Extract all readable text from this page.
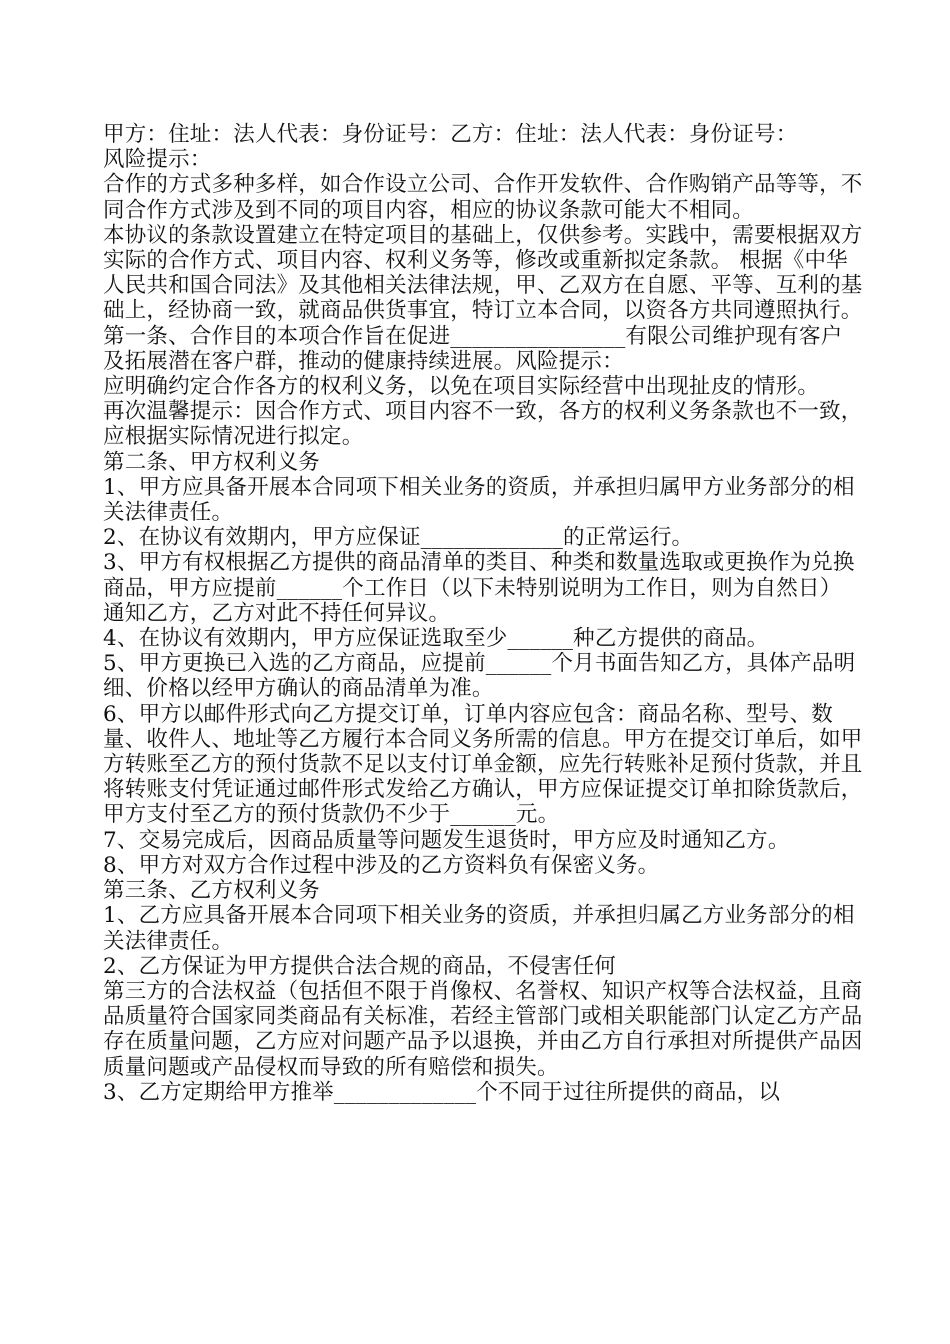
甲方：住址：法人代表：身份证号：乙方：住址：法人代表：身份证号：

风险提示：

合作的方式多种多样，如合作设立公司、合作开发软件、合作购销产品等等，不同合作方式涉及到不同的项目内容，相应的协议条款可能大不相同。

本协议的条款设置建立在特定项目的基础上，仅供参考。实践中，需要根据双方实际的合作方式、项目内容、权利义务等，修改或重新拟定条款。 根据《中华人民共和国合同法》及其他相关法律法规，甲、乙双方在自愿、平等、互利的基础上，经协商一致，就商品供货事宜，特订立本合同，以资各方共同遵照执行。

第一条、合作目的本项合作旨在促进________________有限公司维护现有客户及拓展潜在客户群，推动的健康持续进展。风险提示：

应明确约定合作各方的权利义务，以免在项目实际经营中出现扯皮的情形。

再次温馨提示：因合作方式、项目内容不一致，各方的权利义务条款也不一致，应根据实际情况进行拟定。

第二条、甲方权利义务

1、甲方应具备开展本合同项下相关业务的资质，并承担归属甲方业务部分的相关法律责任。

2、在协议有效期内，甲方应保证_____________的正常运行。

3、甲方有权根据乙方提供的商品清单的类目、种类和数量选取或更换作为兑换商品，甲方应提前______个工作日（以下未特别说明为工作日，则为自然日）通知乙方，乙方对此不持任何异议。

4、在协议有效期内，甲方应保证选取至少______种乙方提供的商品。

5、甲方更换已入选的乙方商品，应提前______个月书面告知乙方，具体产品明细、价格以经甲方确认的商品清单为准。

6、甲方以邮件形式向乙方提交订单，订单内容应包含：商品名称、型号、数量、收件人、地址等乙方履行本合同义务所需的信息。甲方在提交订单后，如甲方转账至乙方的预付货款不足以支付订单金额，应先行转账补足预付货款，并且将转账支付凭证通过邮件形式发给乙方确认，甲方应保证提交订单扣除货款后，甲方支付至乙方的预付货款仍不少于______元。

7、交易完成后，因商品质量等问题发生退货时，甲方应及时通知乙方。

8、甲方对双方合作过程中涉及的乙方资料负有保密义务。

第三条、乙方权利义务

1、乙方应具备开展本合同项下相关业务的资质，并承担归属乙方业务部分的相关法律责任。

2、乙方保证为甲方提供合法合规的商品，不侵害任何

第三方的合法权益（包括但不限于肖像权、名誉权、知识产权等合法权益，且商品质量符合国家同类商品有关标准，若经主管部门或相关职能部门认定乙方产品存在质量问题，乙方应对问题产品予以退换，并由乙方自行承担对所提供产品因质量问题或产品侵权而导致的所有赔偿和损失。

3、乙方定期给甲方推举_____________个不同于过往所提供的商品，以
